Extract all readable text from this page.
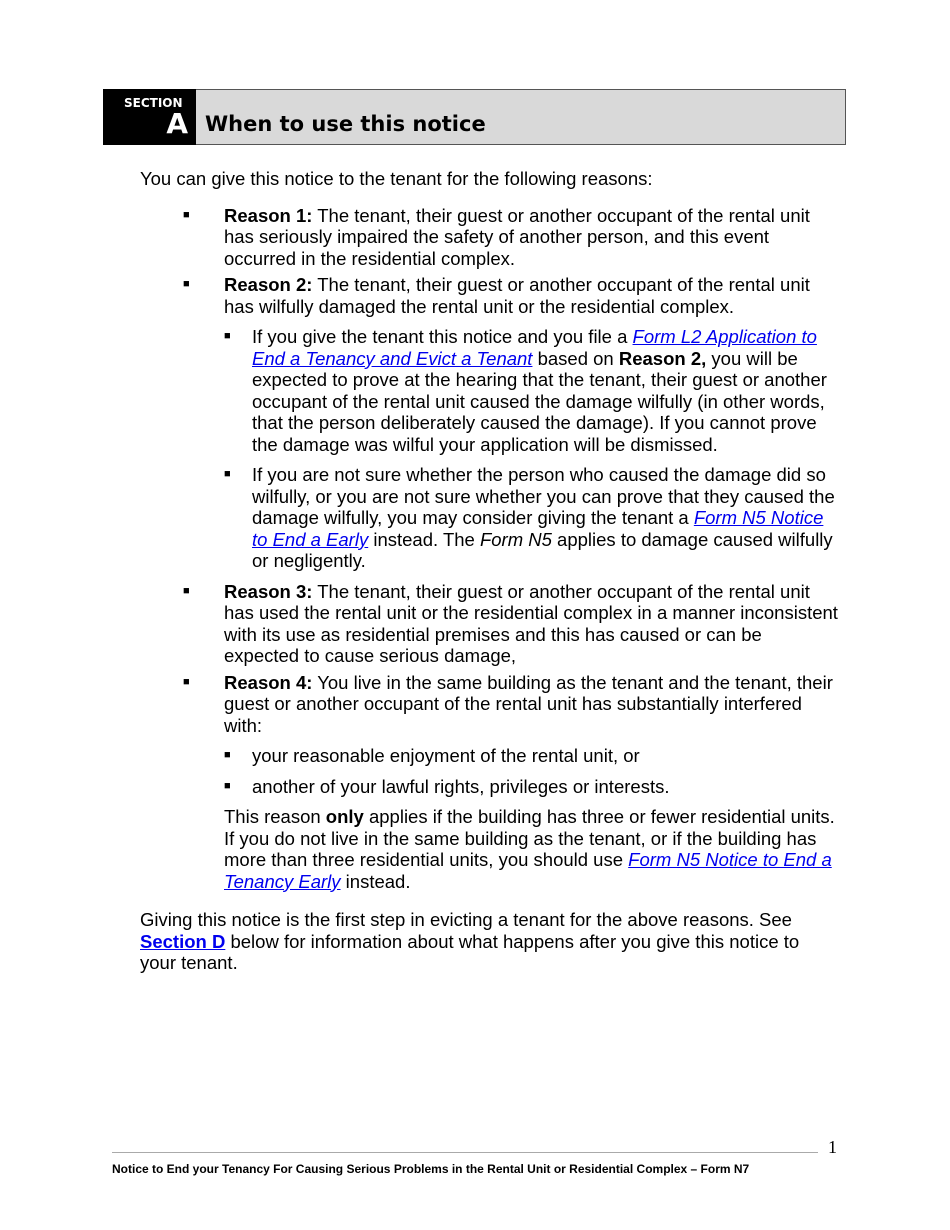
SECTION
A When to use this notice

You can give this notice to the tenant for the following reasons:

■ Reason 1: The tenant, their guest or another occupant of the rental unit has seriously impaired the safety of another person, and this event occurred in the residential complex.
■ Reason 2: The tenant, their guest or another occupant of the rental unit has wilfully damaged the rental unit or the residential complex.
■ If you give the tenant this notice and you file a Form L2 Application to End a Tenancy and Evict a Tenant based on Reason 2, you will be expected to prove at the hearing that the tenant, their guest or another occupant of the rental unit caused the damage wilfully (in other words, that the person deliberately caused the damage). If you cannot prove the damage was wilful your application will be dismissed.
■ If you are not sure whether the person who caused the damage did so wilfully, or you are not sure whether you can prove that they caused the damage wilfully, you may consider giving the tenant a Form N5 Notice to End a Early instead. The Form N5 applies to damage caused wilfully or negligently.
■ Reason 3: The tenant, their guest or another occupant of the rental unit has used the rental unit or the residential complex in a manner inconsistent with its use as residential premises and this has caused or can be expected to cause serious damage,
■ Reason 4: You live in the same building as the tenant and the tenant, their guest or another occupant of the rental unit has substantially interfered with:
■ your reasonable enjoyment of the rental unit, or
■ another of your lawful rights, privileges or interests.

This reason only applies if the building has three or fewer residential units. If you do not live in the same building as the tenant, or if the building has more than three residential units, you should use Form N5 Notice to End a Tenancy Early instead.

Giving this notice is the first step in evicting a tenant for the above reasons. See Section D below for information about what happens after you give this notice to your tenant.

1
Notice to End your Tenancy For Causing Serious Problems in the Rental Unit or Residential Complex – Form N7
